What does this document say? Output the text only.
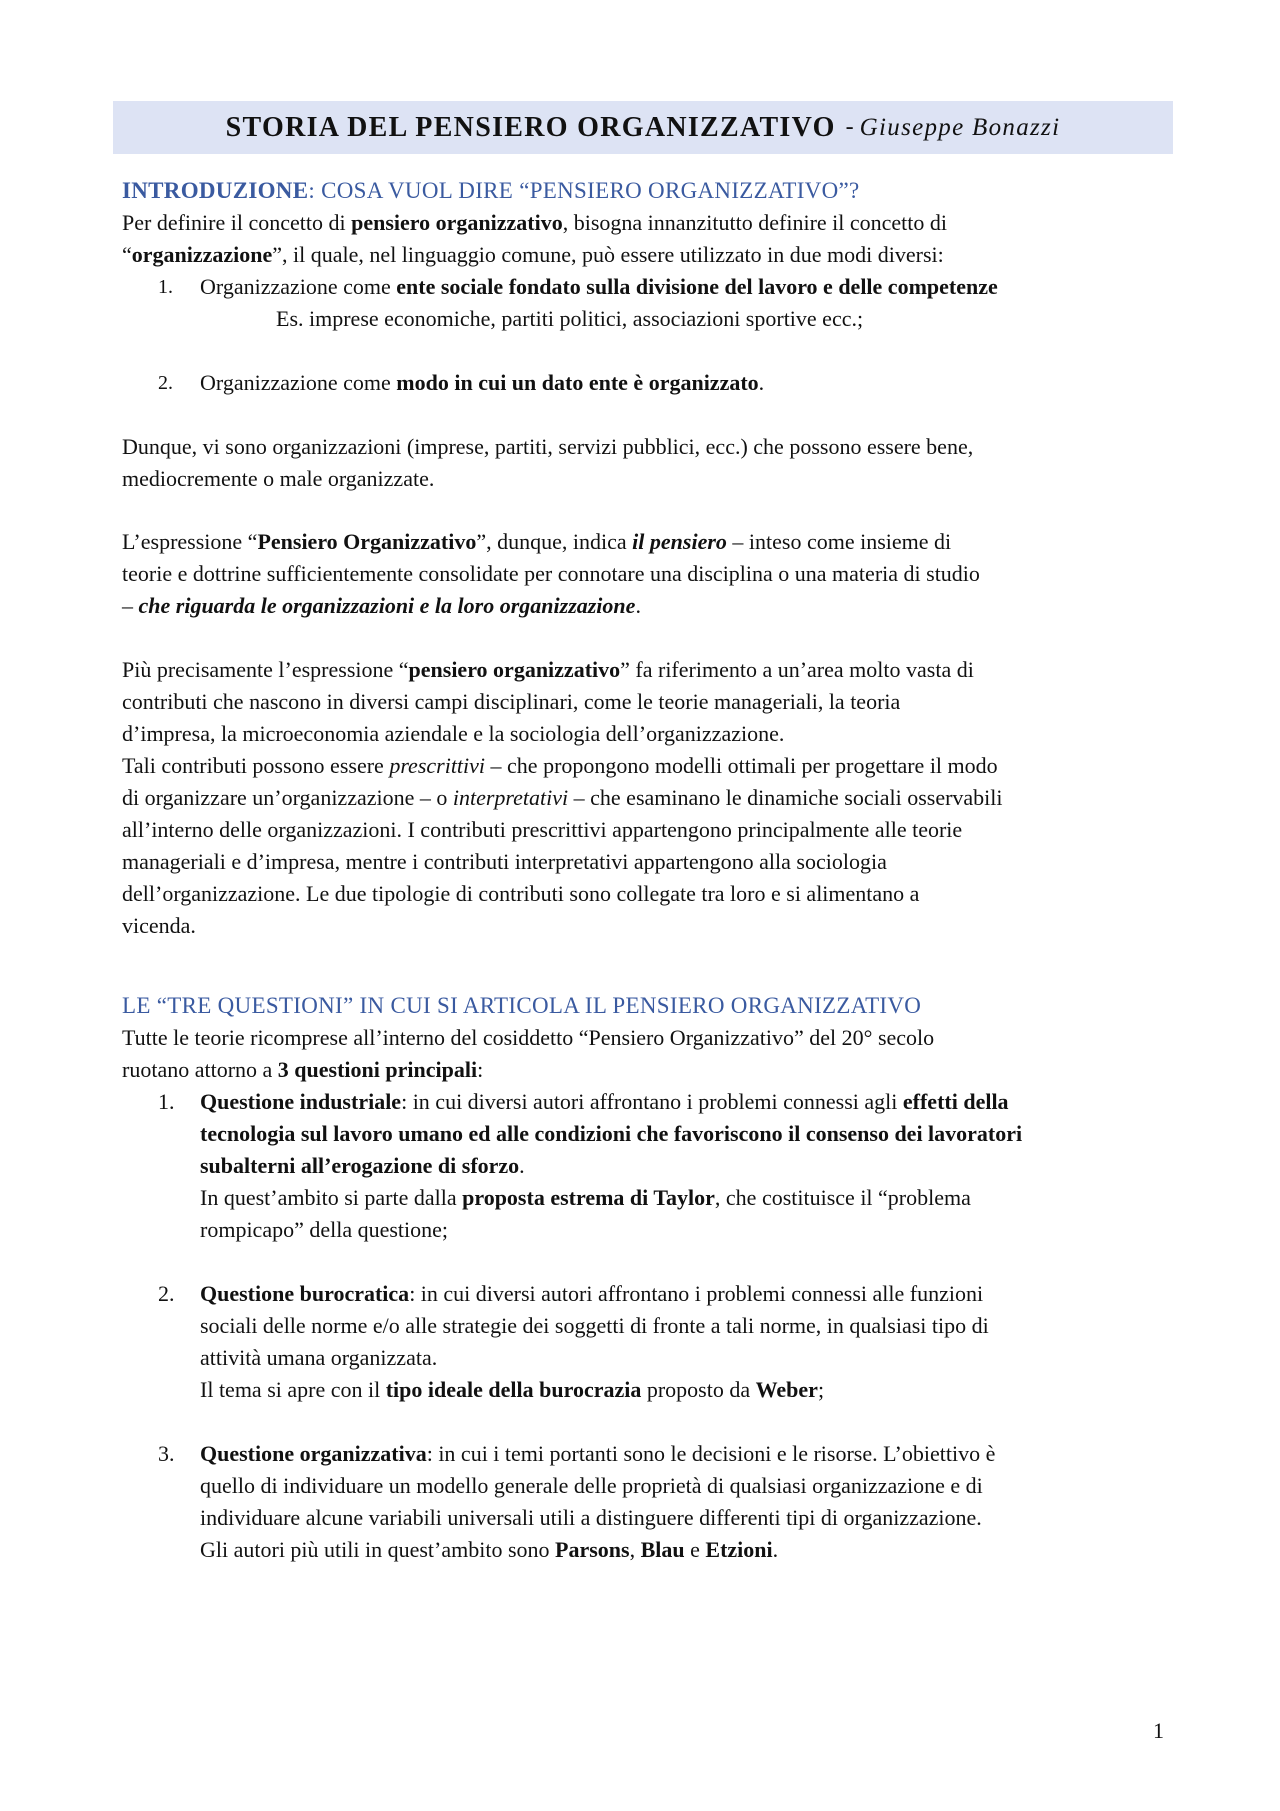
STORIA DEL PENSIERO ORGANIZZATIVO - Giuseppe Bonazzi
INTRODUZIONE: COSA VUOL DIRE “PENSIERO ORGANIZZATIVO”?
Per definire il concetto di pensiero organizzativo, bisogna innanzitutto definire il concetto di
“organizzazione”, il quale, nel linguaggio comune, può essere utilizzato in due modi diversi:
1. Organizzazione come ente sociale fondato sulla divisione del lavoro e delle competenze
Es. imprese economiche, partiti politici, associazioni sportive ecc.;
2. Organizzazione come modo in cui un dato ente è organizzato.
Dunque, vi sono organizzazioni (imprese, partiti, servizi pubblici, ecc.) che possono essere bene,
mediocremente o male organizzate.
L’espressione “Pensiero Organizzativo”, dunque, indica il pensiero – inteso come insieme di
teorie e dottrine sufficientemente consolidate per connotare una disciplina o una materia di studio
– che riguarda le organizzazioni e la loro organizzazione.
Più precisamente l’espressione “pensiero organizzativo” fa riferimento a un’area molto vasta di
contributi che nascono in diversi campi disciplinari, come le teorie manageriali, la teoria
d’impresa, la microeconomia aziendale e la sociologia dell’organizzazione.
Tali contributi possono essere prescrittivi – che propongono modelli ottimali per progettare il modo
di organizzare un’organizzazione – o interpretativi – che esaminano le dinamiche sociali osservabili
all’interno delle organizzazioni. I contributi prescrittivi appartengono principalmente alle teorie
manageriali e d’impresa, mentre i contributi interpretativi appartengono alla sociologia
dell’organizzazione. Le due tipologie di contributi sono collegate tra loro e si alimentano a
vicenda.
LE “TRE QUESTIONI” IN CUI SI ARTICOLA IL PENSIERO ORGANIZZATIVO
Tutte le teorie ricomprese all’interno del cosiddetto “Pensiero Organizzativo” del 20° secolo
ruotano attorno a 3 questioni principali:
1. Questione industriale: in cui diversi autori affrontano i problemi connessi agli effetti della
tecnologia sul lavoro umano ed alle condizioni che favoriscono il consenso dei lavoratori
subalterni all’erogazione di sforzo.
In quest’ambito si parte dalla proposta estrema di Taylor, che costituisce il “problema
rompicapo” della questione;
2. Questione burocratica: in cui diversi autori affrontano i problemi connessi alle funzioni
sociali delle norme e/o alle strategie dei soggetti di fronte a tali norme, in qualsiasi tipo di
attività umana organizzata.
Il tema si apre con il tipo ideale della burocrazia proposto da Weber;
3. Questione organizzativa: in cui i temi portanti sono le decisioni e le risorse. L’obiettivo è
quello di individuare un modello generale delle proprietà di qualsiasi organizzazione e di
individuare alcune variabili universali utili a distinguere differenti tipi di organizzazione.
Gli autori più utili in quest’ambito sono Parsons, Blau e Etzioni.
1
